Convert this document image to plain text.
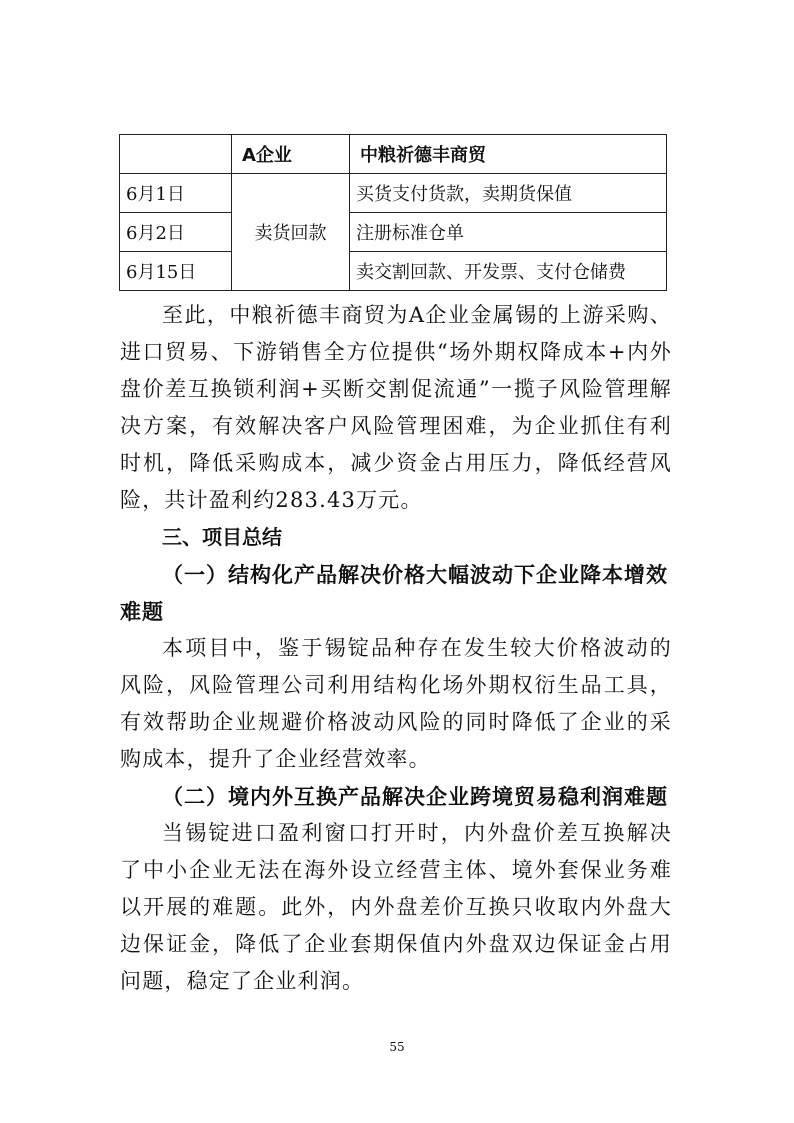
	A企业	中粮祈德丰商贸
6月1日	卖货回款	买货支付货款，卖期货保值
6月2日		注册标准仓单
6月15日		卖交割回款、开发票、支付仓储费

至此，中粮祈德丰商贸为A企业金属锡的上游采购、进口贸易、下游销售全方位提供“场外期权降成本+内外盘价差互换锁利润+买断交割促流通”一揽子风险管理解决方案，有效解决客户风险管理困难，为企业抓住有利时机，降低采购成本，减少资金占用压力，降低经营风险，共计盈利约283.43万元。

三、项目总结

（一）结构化产品解决价格大幅波动下企业降本增效难题

本项目中，鉴于锡锭品种存在发生较大价格波动的风险，风险管理公司利用结构化场外期权衍生品工具，有效帮助企业规避价格波动风险的同时降低了企业的采购成本，提升了企业经营效率。

（二）境内外互换产品解决企业跨境贸易稳利润难题

当锡锭进口盈利窗口打开时，内外盘价差互换解决了中小企业无法在海外设立经营主体、境外套保业务难以开展的难题。此外，内外盘差价互换只收取内外盘大边保证金，降低了企业套期保值内外盘双边保证金占用问题，稳定了企业利润。

55
